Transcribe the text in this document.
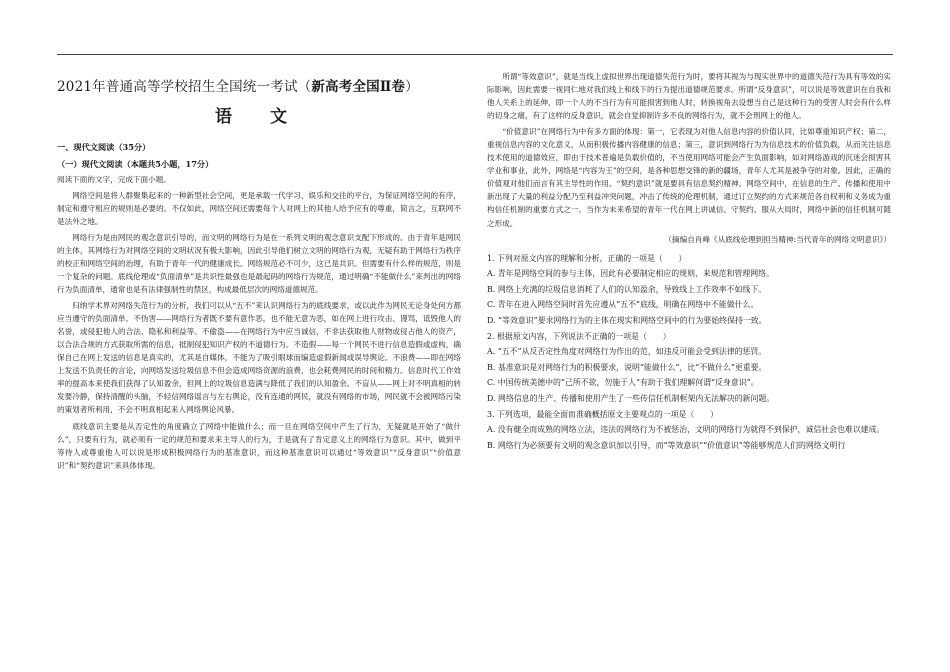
2021年普通高等学校招生全国统一考试（新高考全国Ⅱ卷）
语 文
一、现代文阅读（35分）
（一）现代文阅读（本题共5小题，17分）
阅读下面的文字，完成下面小题。

网络空间是将人群聚集起来的一种新型社会空间，更是承载一代学习、娱乐和交往的平台，为保证网络空间的有序，制定和遵守相应的规则是必要的。不仅如此，网络空间还需要每个人对网上的其他人给予应有的尊重，简言之，互联网不是法外之地。

网络行为是由网民的观念意识引导的，而文明的网络行为是在一系列文明的观念意识支配下形成的。由于青年是网民的主体，其网络行为对网络空间的文明状况有极大影响，因此引导他们树立文明的网络行为观，无疑有助于网络行为秩序的校正和网络空间的治理，有助于青年一代的健康成长。网络规范必不可少，这已是共识。但需要有什么样的规范，则是一个复杂的问题。底线伦理或“负面清单”是共识性最强也是最起码的网络行为规范，通过明确“不能做什么”来判出的网络行为负面清单，通常也是有法律强制性的禁区，构成最低层次的网络道德规范。

归纳学术界对网络失范行为的分析，我们可以从“五不”来认识网络行为的底线要求，或以此作为网民无论身处何方都应当遵守的负面清单。不伪害——网络行为者既不要有意作恶，也不能无意为恶，如在网上进行攻击、谩骂，诋毁他人的名誉，或侵犯他人的合法、隐私和利益等。不偷盗——在网络行为中应当诚信，不非法获取他人财物或侵占他人的资产，以合法合规的方式获取所需的信息，抵制侵犯知识产权的不道德行为。不造假——每一个网民不进行信息造假或虚构，确保自己在网上发送的信息是真实的，尤其是自媒体，不能为了吸引眼球而编造虚假新闻或误导舆论。不浪费——即在网络上发送不负责任的言论，向网络发送垃圾信息不但会造成网络资源的浪费，也会耗费网民的时间和精力。信息时代工作效率的提高本来使我们获得了认知盈余，但网上的垃圾信息造满与降低了我们的认知盈余。不盲从——网上对不明真相的转发要冷静，保持清醒的头脑，不轻信网络谣言与左右舆论，没有连通的网民，就没有网络的市场，网民就不会被网络污染的策划者所利用，不会不明真相起来入网络舆论风暴。

底线意识主要是从否定性的角度确立了网络中能做什么；而一旦在网络空间中产生了行为，无疑就是开始了“做什么”，只要有行为，就必须有一定的规范和要求来主导人的行为，于是就有了肯定意义上的网络行为意识。其中，做到平等待人或尊重他人可以说是形成积极网络行为的基准意识，而这种基准意识可以通过“等效意识”“反身意识”“价值意识”和“契约意识”来具体体现。

所谓“等效意识”，就是当线上虚拟世界出现道德失范行为时，要将其视为与现实世界中的道德失范行为具有等效的实际影响，因此需要一视同仁地对我们线上和线下的行为提出道德规范要求。所谓“反身意识”，可以说是等效意识在自我和他人关系上的延伸，即一个人的不当行为有可能损害到他人时，转换视角去设想当自己是这种行为的受害人时会有什么样的切身之痛，有了这样的反身意识，就会自觉抑制许多不良的网络行为，就不会刑网上的他人。

“价值意识”在网络行为中有多方面的体现：第一，它表现为对他人信息内容的价值认同，比如尊重知识产权；第二，重视信息内容的文化意义，从而积极传播内容健康的信息；第三，意识到网络行为为信息技术的价值负载，从而关注信息技术使用的道德效应，即由于技术普遍是负载价值的，不当使用网络可能会产生负面影响，如对网络游戏的沉迷会损害其学业和事业，此外，网络是“内容为王”的空间，是各种思想交锋的新的疆场，青年人尤其是被争夺的对象。因此，正确的价值观对他们而言有其主导性的作用。“契约意识”就是要具有信息契约精神。网络空间中，在信息的生产、传播和使用中新出现了大量的利益分配乃至利益冲突问题，冲击了传统的伦理机制，通过订立契约的方式来规范各自权利和义务成为重构信任机制的重要方式之一。当作为未来希望的青年一代在网上讲诚信、守契约、服从大局时，网络中新的信任机制可随之形成。

（摘编自肖峰《从底线伦理到担当精神:当代青年的网络文明意识》）
1. 下列对原文内容的理解和分析，正确的一项是（　　）
A. 青年是网络空间的参与主体，因此有必要制定相应的规则，来规范和管理网络。
B. 网络上充满的垃圾信息消耗了人们的认知盈余，导致线上工作效率不如线下。
C. 青年在进入网络空间时首先应遵从“五不”底线，明确在网络中不能做什么。
D. “等效意识”要求网络行为的主体在现实和网络空间中的行为要始终保持一致。
2. 根据原文内容，下列说法不正确的一项是（　　）
A. “五不”从反否定性角度对网络行为作出的范，如违反可能会受到法律的惩罚。
B. 基准意识是对网络行为的积极要求，说明“能做什么”，比“不做什么”更重要。
C. 中国传统美德中的“己所不欲，勿施于人”有助于我们理解何谓“反身意识”。
D. 网络信息的生产、传播和使用产生了一些传信任机制框架内无法解决的新问题。
3. 下列选项，最能全面而准确概括原文主要观点的一项是（　　）
A. 没有健全而成熟的网络立法，违法的网络行为不被惩治，文明的网络行为就得不到保护，诚信社会也难以建成。
B. 网络行为必须要有文明的观念意识加以引导，而“等效意识”“价值意识”等能够规范人们的网络文明行
